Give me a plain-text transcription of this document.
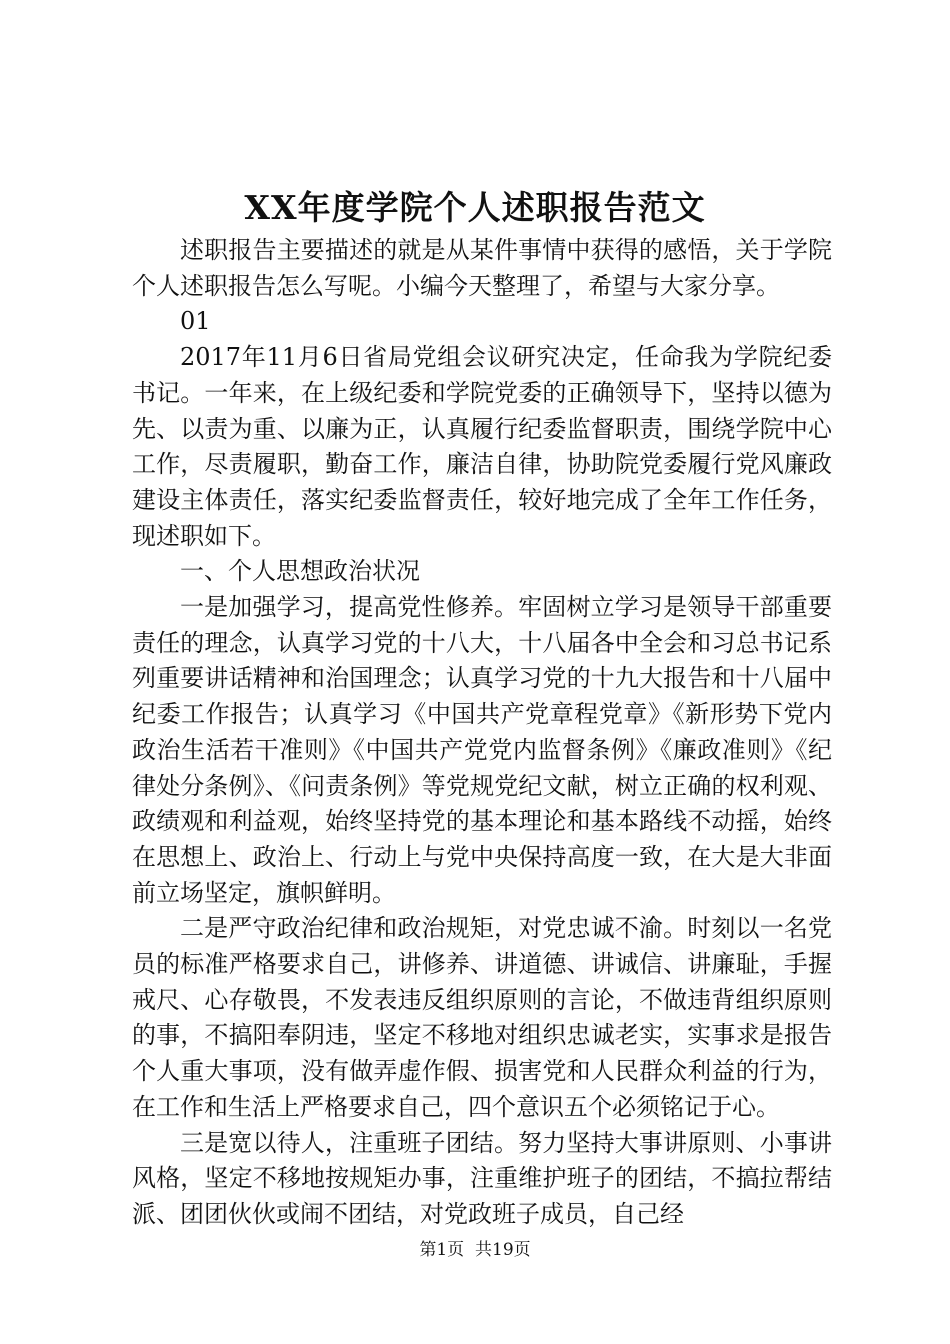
XX年度学院个人述职报告范文

述职报告主要描述的就是从某件事情中获得的感悟，关于学院个人述职报告怎么写呢。小编今天整理了，希望与大家分享。

01

2017年11月6日省局党组会议研究决定，任命我为学院纪委书记。一年来，在上级纪委和学院党委的正确领导下，坚持以德为先、以责为重、以廉为正，认真履行纪委监督职责，围绕学院中心工作，尽责履职，勤奋工作，廉洁自律，协助院党委履行党风廉政建设主体责任，落实纪委监督责任，较好地完成了全年工作任务，现述职如下。

一、个人思想政治状况

一是加强学习，提高党性修养。牢固树立学习是领导干部重要责任的理念，认真学习党的十八大，十八届各中全会和习总书记系列重要讲话精神和治国理念；认真学习党的十九大报告和十八届中纪委工作报告；认真学习《中国共产党章程党章》《新形势下党内政治生活若干准则》《中国共产党党内监督条例》《廉政准则》《纪律处分条例》、《问责条例》等党规党纪文献，树立正确的权利观、政绩观和利益观，始终坚持党的基本理论和基本路线不动摇，始终在思想上、政治上、行动上与党中央保持高度一致，在大是大非面前立场坚定，旗帜鲜明。

二是严守政治纪律和政治规矩，对党忠诚不渝。时刻以一名党员的标准严格要求自己，讲修养、讲道德、讲诚信、讲廉耻，手握戒尺、心存敬畏，不发表违反组织原则的言论，不做违背组织原则的事，不搞阳奉阴违，坚定不移地对组织忠诚老实，实事求是报告个人重大事项，没有做弄虚作假、损害党和人民群众利益的行为，在工作和生活上严格要求自己，四个意识五个必须铭记于心。

三是宽以待人，注重班子团结。努力坚持大事讲原则、小事讲风格，坚定不移地按规矩办事，注重维护班子的团结，不搞拉帮结派、团团伙伙或闹不团结，对党政班子成员，自己经

第1页 共19页
